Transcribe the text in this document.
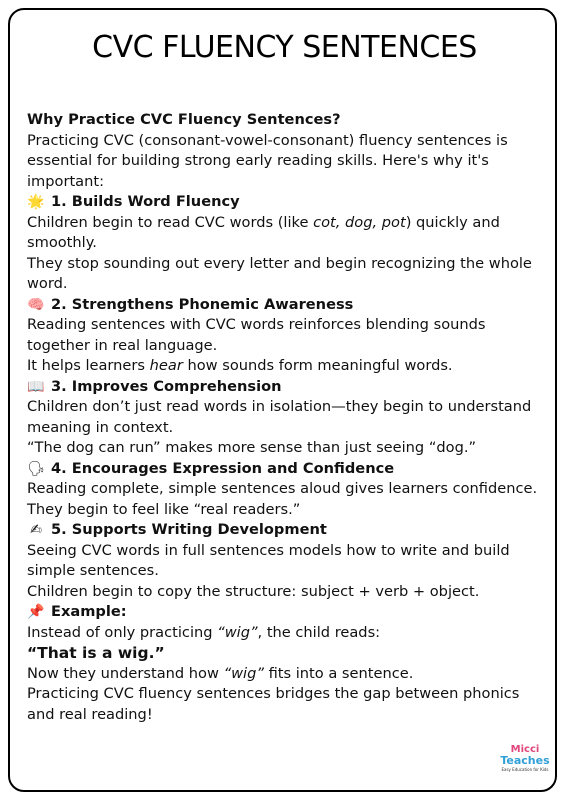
CVC FLUENCY SENTENCES

Why Practice CVC Fluency Sentences?

Practicing CVC (consonant-vowel-consonant) fluency sentences is essential for building strong early reading skills. Here's why it's important:

🌟 1. Builds Word Fluency

Children begin to read CVC words (like cot, dog, pot) quickly and smoothly.

They stop sounding out every letter and begin recognizing the whole word.

🧠 2. Strengthens Phonemic Awareness

Reading sentences with CVC words reinforces blending sounds together in real language.

It helps learners hear how sounds form meaningful words.

📖 3. Improves Comprehension

Children don’t just read words in isolation—they begin to understand meaning in context.

“The dog can run” makes more sense than just seeing “dog.”

🗣 4. Encourages Expression and Confidence

Reading complete, simple sentences aloud gives learners confidence.

They begin to feel like “real readers.”

✍ 5. Supports Writing Development

Seeing CVC words in full sentences models how to write and build simple sentences.

Children begin to copy the structure: subject + verb + object.

📌 Example:

Instead of only practicing “wig”, the child reads:

“That is a wig.”

Now they understand how “wig” fits into a sentence.

Practicing CVC fluency sentences bridges the gap between phonics and real reading!

Micci
Teaches
Easy Education for Kids
